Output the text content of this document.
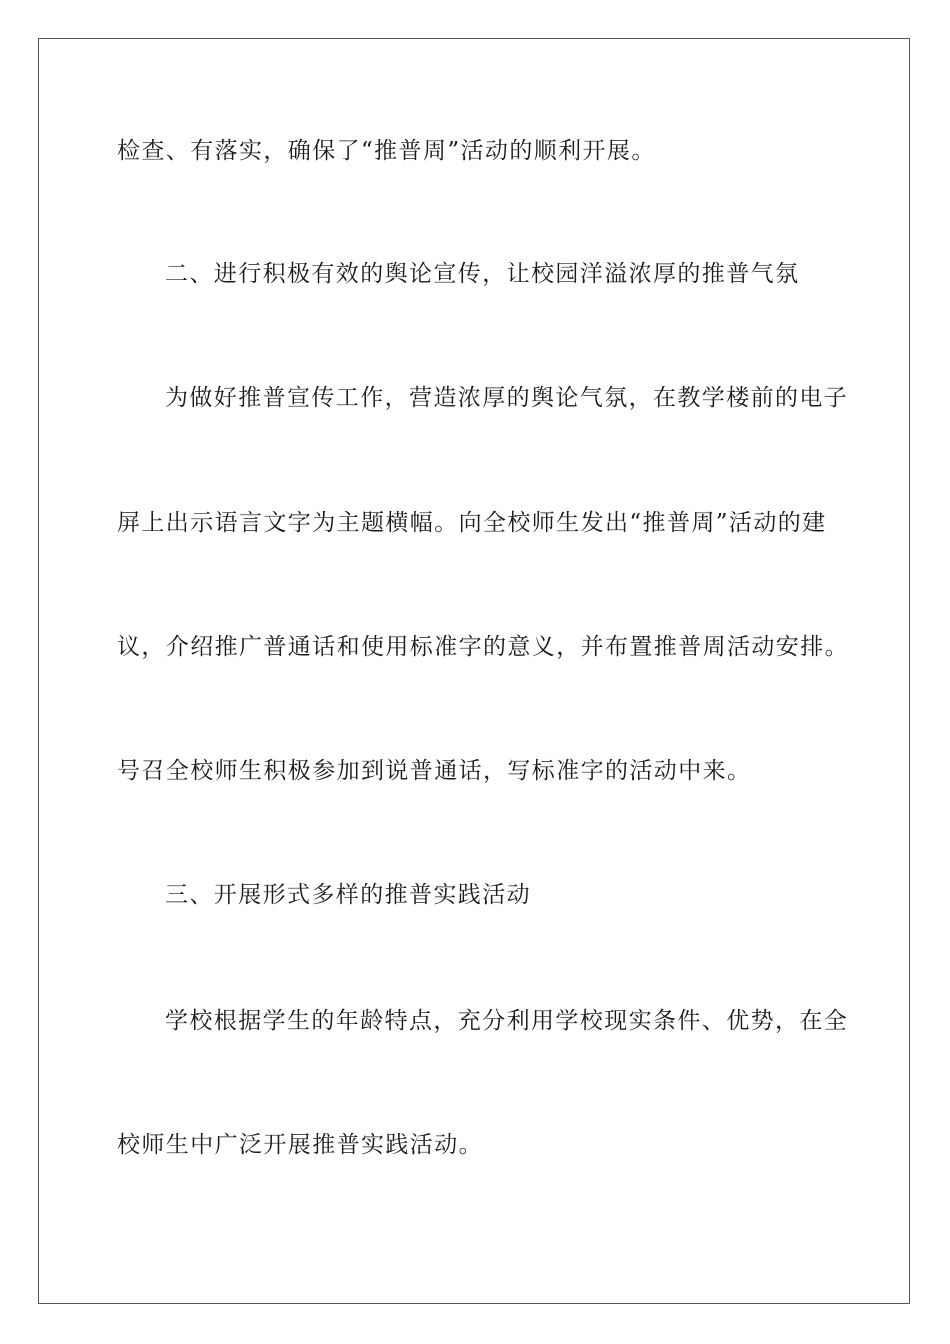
检查、有落实，确保了“推普周”活动的顺利开展。

二、进行积极有效的舆论宣传，让校园洋溢浓厚的推普气氛

为做好推普宣传工作，营造浓厚的舆论气氛，在教学楼前的电子

屏上出示语言文字为主题横幅。向全校师生发出“推普周”活动的建

议，介绍推广普通话和使用标准字的意义，并布置推普周活动安排。

号召全校师生积极参加到说普通话，写标准字的活动中来。

三、开展形式多样的推普实践活动

学校根据学生的年龄特点，充分利用学校现实条件、优势，在全

校师生中广泛开展推普实践活动。
